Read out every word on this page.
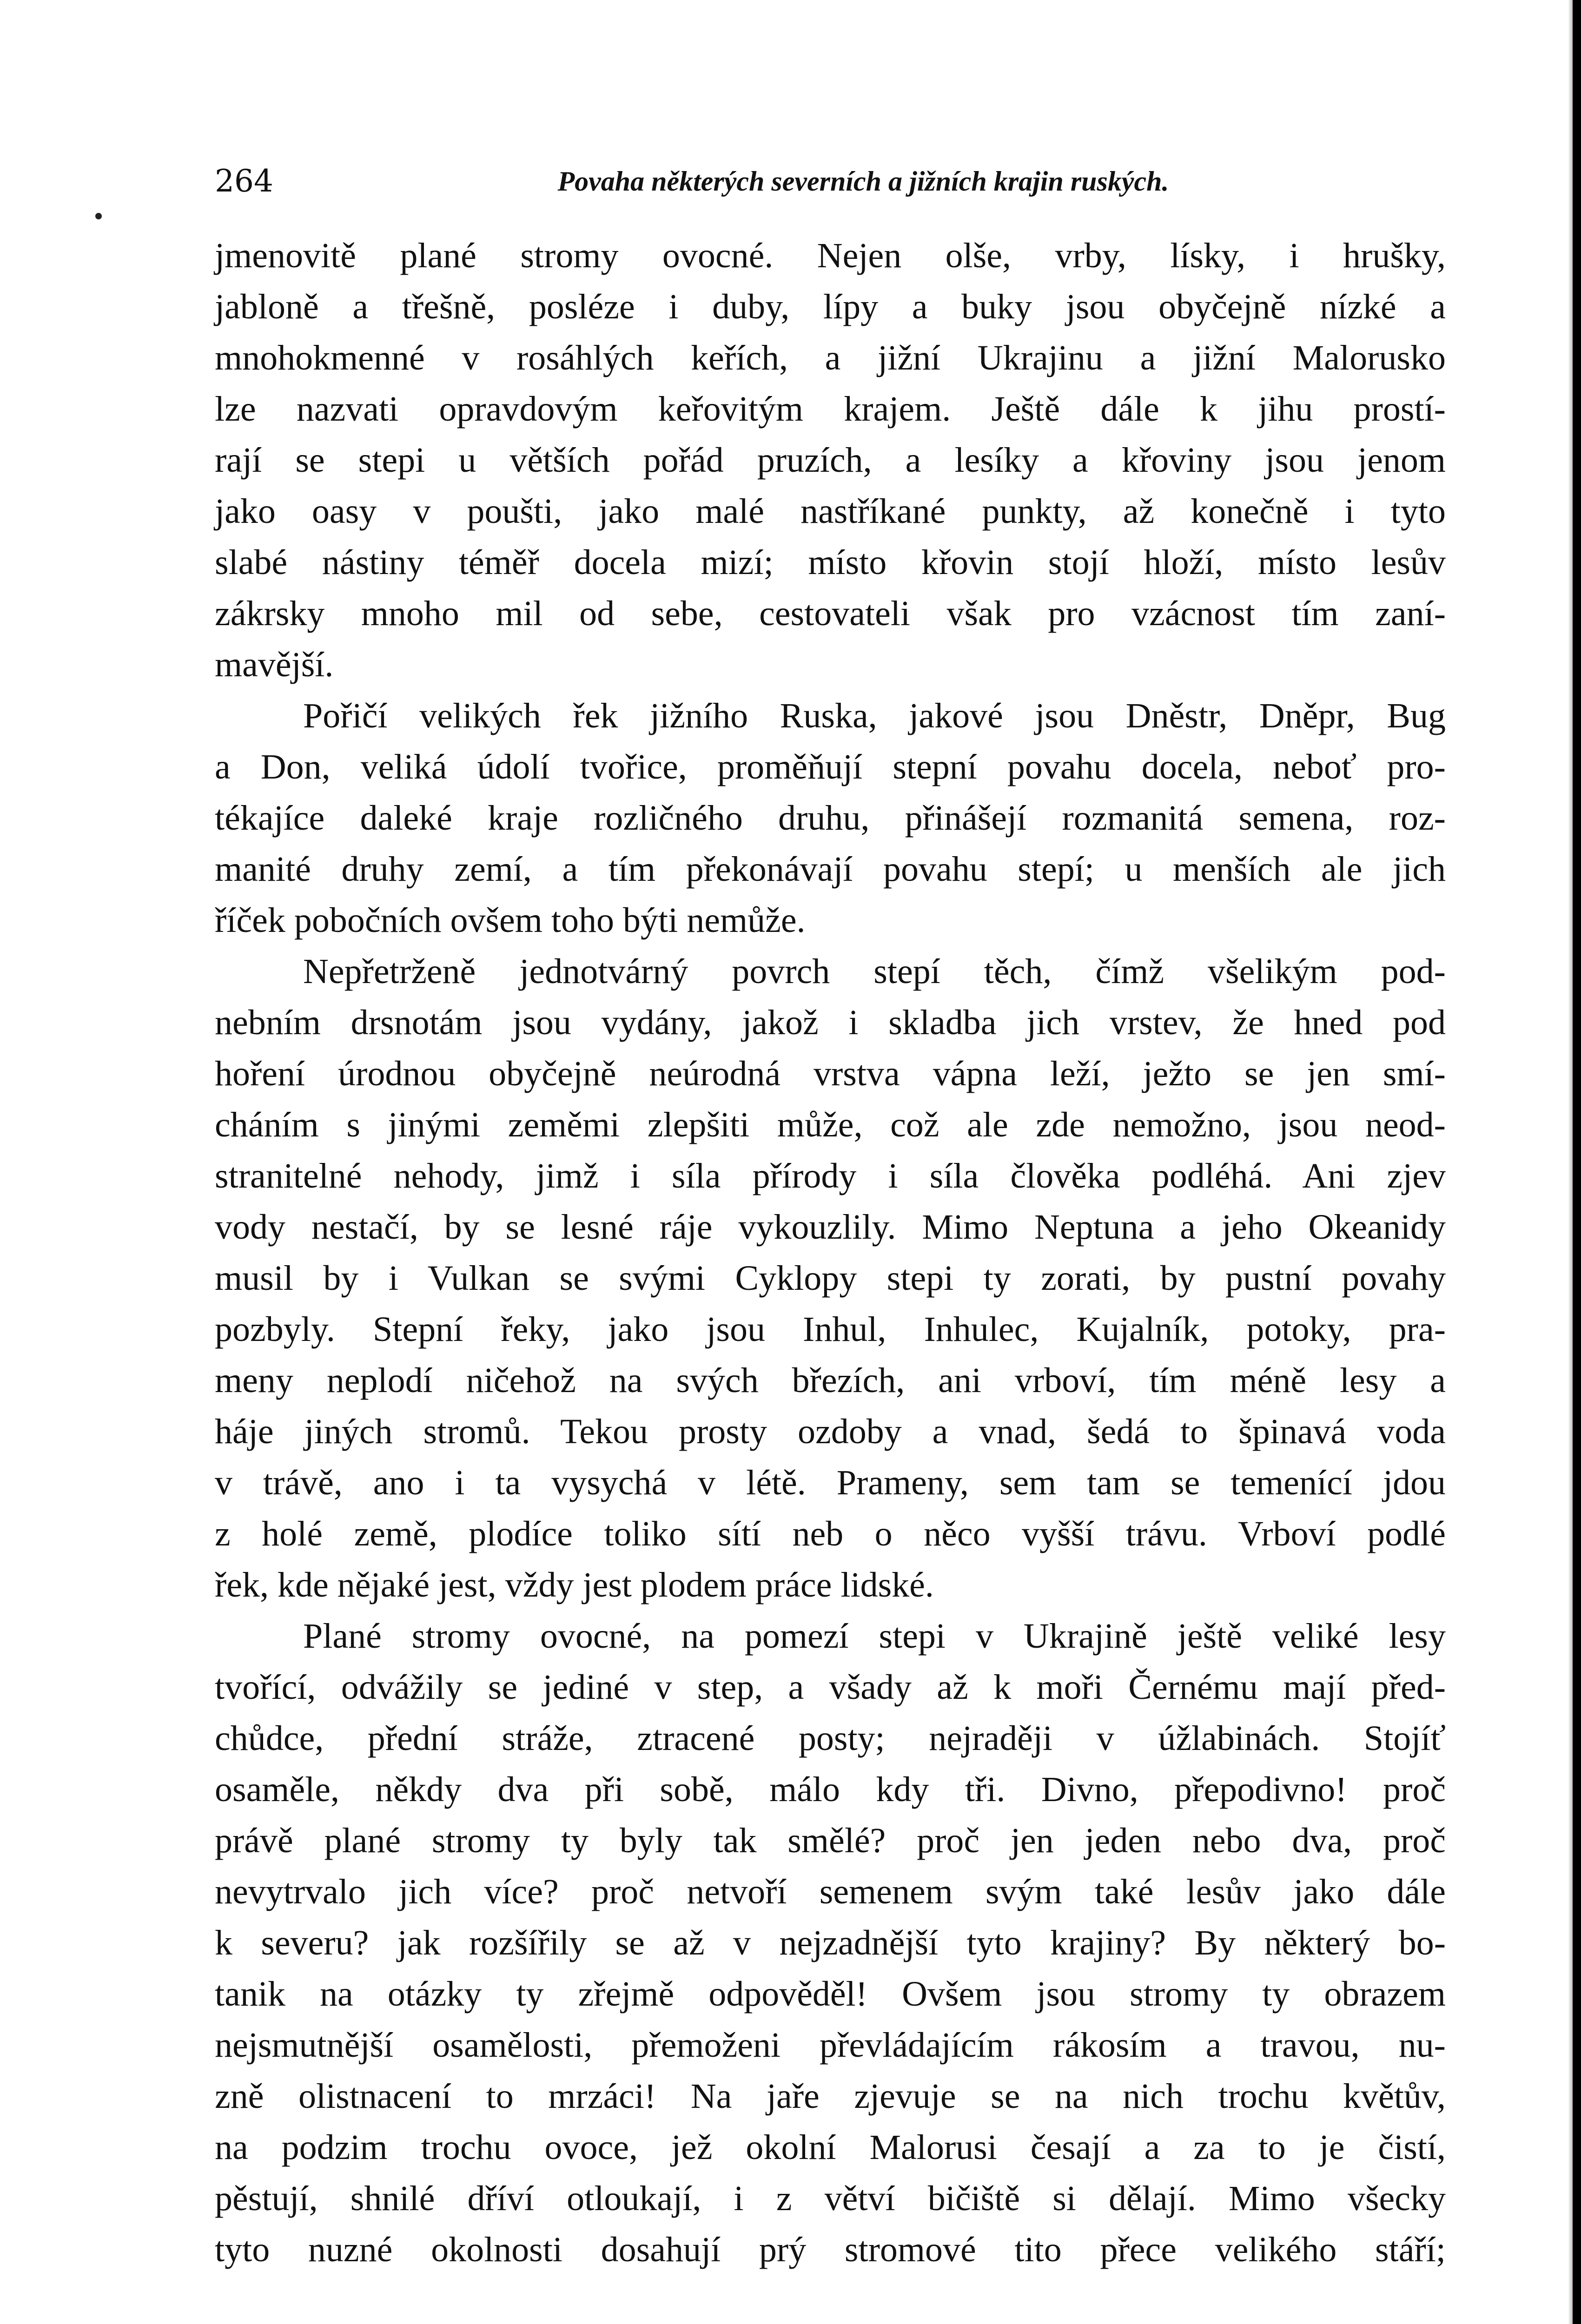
264	Povaha některých severních a jižních krajin ruských.
jmenovitě plané stromy ovocné. Nejen olše, vrby, lísky, i hrušky,
jabloně a třešně, posléze i duby, lípy a buky jsou obyčejně nízké a
mnohokmenné v rosáhlých keřích, a jižní Ukrajinu a jižní Malorusko
lze nazvati opravdovým keřovitým krajem. Ještě dále k jihu prostí-
rají se stepi u větších pořád pruzích, a lesíky a křoviny jsou jenom
jako oasy v poušti, jako malé nastříkané punkty, až konečně i tyto
slabé nástiny téměř docela mizí; místo křovin stojí hloží, místo lesův
zákrsky mnoho mil od sebe, cestovateli však pro vzácnost tím zaní-
mavější.
Pořičí velikých řek jižního Ruska, jakové jsou Dněstr, Dněpr, Bug
a Don, veliká údolí tvořice, proměňují stepní povahu docela, neboť pro-
tékajíce daleké kraje rozličného druhu, přinášejí rozmanitá semena, roz-
manité druhy zemí, a tím překonávají povahu stepí; u menších ale jich
říček pobočních ovšem toho býti nemůže.
Nepřetrženě jednotvárný povrch stepí těch, čímž všelikým pod-
nebním drsnotám jsou vydány, jakož i skladba jich vrstev, že hned pod
hoření úrodnou obyčejně neúrodná vrstva vápna leží, ježto se jen smí-
cháním s jinými zeměmi zlepšiti může, což ale zde nemožno, jsou neod-
stranitelné nehody, jimž i síla přírody i síla člověka podléhá. Ani zjev
vody nestačí, by se lesné ráje vykouzlily. Mimo Neptuna a jeho Okeanidy
musil by i Vulkan se svými Cyklopy stepi ty zorati, by pustní povahy
pozbyly. Stepní řeky, jako jsou Inhul, Inhulec, Kujalník, potoky, pra-
meny neplodí ničehož na svých březích, ani vrboví, tím méně lesy a
háje jiných stromů. Tekou prosty ozdoby a vnad, šedá to špinavá voda
v trávě, ano i ta vysychá v létě. Prameny, sem tam se temenící jdou
z holé země, plodíce toliko sítí neb o něco vyšší trávu. Vrboví podlé
řek, kde nějaké jest, vždy jest plodem práce lidské.
Plané stromy ovocné, na pomezí stepi v Ukrajině ještě veliké lesy
tvořící, odvážily se jediné v step, a všady až k moři Černému mají před-
chůdce, přední stráže, ztracené posty; nejraději v úžlabinách. Stojíť
osaměle, někdy dva při sobě, málo kdy tři. Divno, přepodivno! proč
právě plané stromy ty byly tak smělé? proč jen jeden nebo dva, proč
nevytrvalo jich více? proč netvoří semenem svým také lesův jako dále
k severu? jak rozšířily se až v nejzadnější tyto krajiny? By některý bo-
tanik na otázky ty zřejmě odpověděl! Ovšem jsou stromy ty obrazem
nejsmutnější osamělosti, přemoženi převládajícím rákosím a travou, nu-
zně olistnacení to mrzáci! Na jaře zjevuje se na nich trochu květův,
na podzim trochu ovoce, jež okolní Malorusi česají a za to je čistí,
pěstují, shnilé dříví otloukají, i z větví bičiště si dělají. Mimo všecky
tyto nuzné okolnosti dosahují prý stromové tito přece velikého stáří;
